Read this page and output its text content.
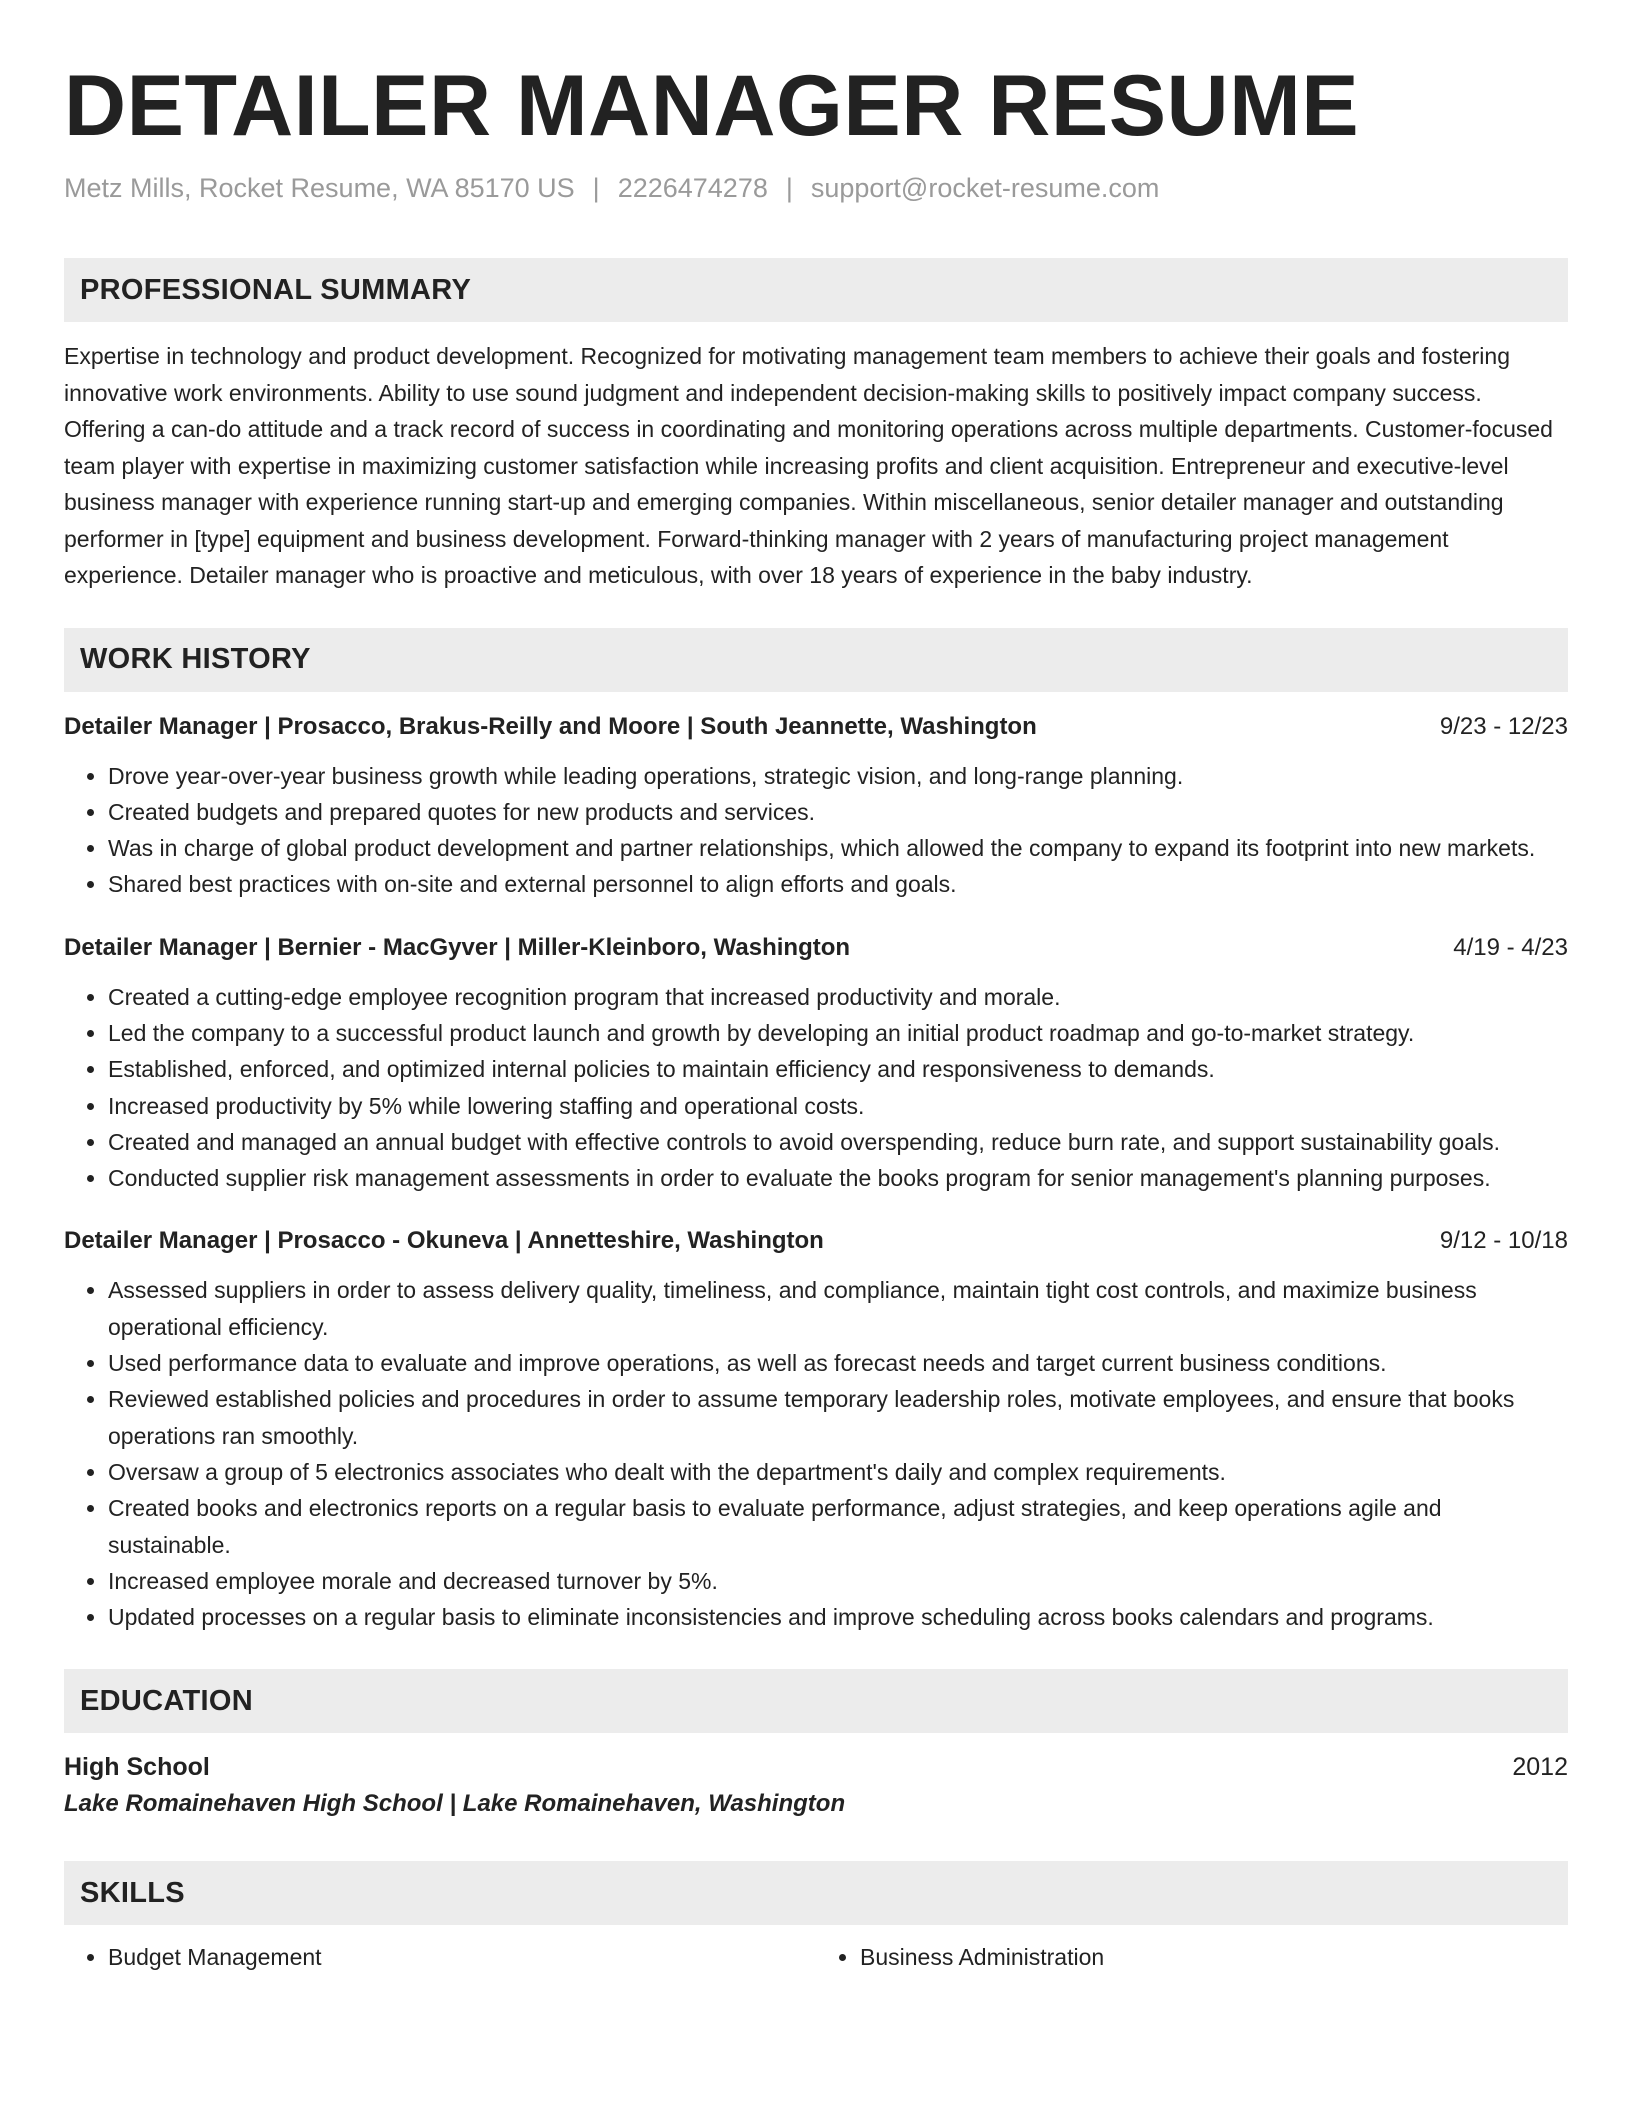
DETAILER MANAGER RESUME
Metz Mills, Rocket Resume, WA 85170 US | 2226474278 | support@rocket-resume.com
PROFESSIONAL SUMMARY
Expertise in technology and product development. Recognized for motivating management team members to achieve their goals and fostering innovative work environments. Ability to use sound judgment and independent decision-making skills to positively impact company success. Offering a can-do attitude and a track record of success in coordinating and monitoring operations across multiple departments. Customer-focused team player with expertise in maximizing customer satisfaction while increasing profits and client acquisition. Entrepreneur and executive-level business manager with experience running start-up and emerging companies. Within miscellaneous, senior detailer manager and outstanding performer in [type] equipment and business development. Forward-thinking manager with 2 years of manufacturing project management experience. Detailer manager who is proactive and meticulous, with over 18 years of experience in the baby industry.
WORK HISTORY
Detailer Manager | Prosacco, Brakus-Reilly and Moore | South Jeannette, Washington	9/23 - 12/23
• Drove year-over-year business growth while leading operations, strategic vision, and long-range planning.
• Created budgets and prepared quotes for new products and services.
• Was in charge of global product development and partner relationships, which allowed the company to expand its footprint into new markets.
• Shared best practices with on-site and external personnel to align efforts and goals.
Detailer Manager | Bernier - MacGyver | Miller-Kleinboro, Washington	4/19 - 4/23
• Created a cutting-edge employee recognition program that increased productivity and morale.
• Led the company to a successful product launch and growth by developing an initial product roadmap and go-to-market strategy.
• Established, enforced, and optimized internal policies to maintain efficiency and responsiveness to demands.
• Increased productivity by 5% while lowering staffing and operational costs.
• Created and managed an annual budget with effective controls to avoid overspending, reduce burn rate, and support sustainability goals.
• Conducted supplier risk management assessments in order to evaluate the books program for senior management's planning purposes.
Detailer Manager | Prosacco - Okuneva | Annetteshire, Washington	9/12 - 10/18
• Assessed suppliers in order to assess delivery quality, timeliness, and compliance, maintain tight cost controls, and maximize business operational efficiency.
• Used performance data to evaluate and improve operations, as well as forecast needs and target current business conditions.
• Reviewed established policies and procedures in order to assume temporary leadership roles, motivate employees, and ensure that books operations ran smoothly.
• Oversaw a group of 5 electronics associates who dealt with the department's daily and complex requirements.
• Created books and electronics reports on a regular basis to evaluate performance, adjust strategies, and keep operations agile and sustainable.
• Increased employee morale and decreased turnover by 5%.
• Updated processes on a regular basis to eliminate inconsistencies and improve scheduling across books calendars and programs.
EDUCATION
High School	2012
Lake Romainehaven High School | Lake Romainehaven, Washington
SKILLS
• Budget Management
•	Business Administration
